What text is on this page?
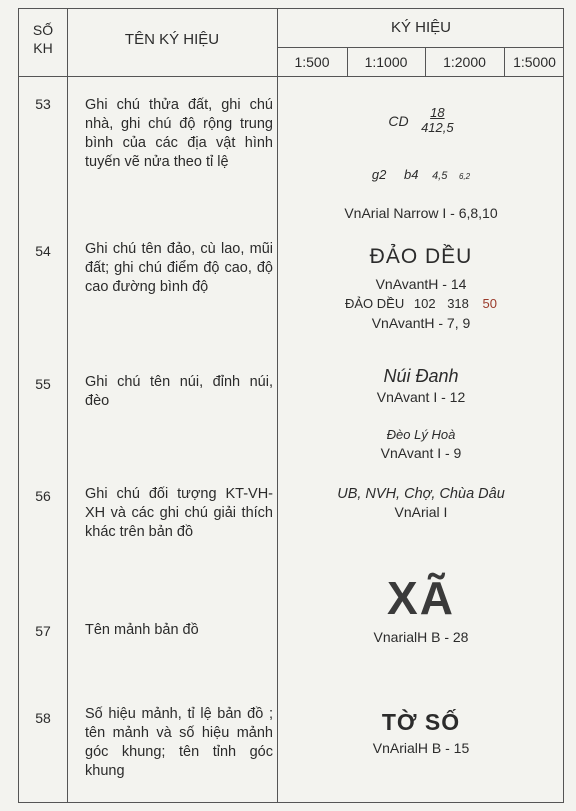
SỐ
KH	TÊN KÝ HIỆU
KÝ HIỆU
1:500	1:1000	1:2000	1:5000
53	Ghi chú thửa đất, ghi chú nhà, ghi chú độ rộng trung bình của các địa vật hình tuyến vẽ nửa theo tỉ lệ
CD $\frac{18}{412,5}$
g2 b4 4,5 6,2
VnArial Narrow I - 6,8,10
54	Ghi chú tên đảo, cù lao, mũi đất; ghi chú điểm độ cao, độ cao đường bình độ
ĐẢO DỀU
VnAvantH - 14
ĐẢO DỀU 102 318 50
VnAvantH - 7, 9
55	Ghi chú tên núi, đỉnh núi, đèo
Núi Đanh
VnAvant I - 12
Đèo Lý Hoà
VnAvant I - 9
56	Ghi chú đối tượng KT-VH-XH và các ghi chú giải thích khác trên bản đồ
UB, NVH, Chợ, Chùa Dâu
VnArial I
57	Tên mảnh bản đồ
XÃ
VnarialH B - 28
58	Số hiệu mảnh, tỉ lệ bản đồ ; tên mảnh và số hiệu mảnh góc khung; tên tỉnh góc khung
TỜ SỐ
VnArialH B - 15
